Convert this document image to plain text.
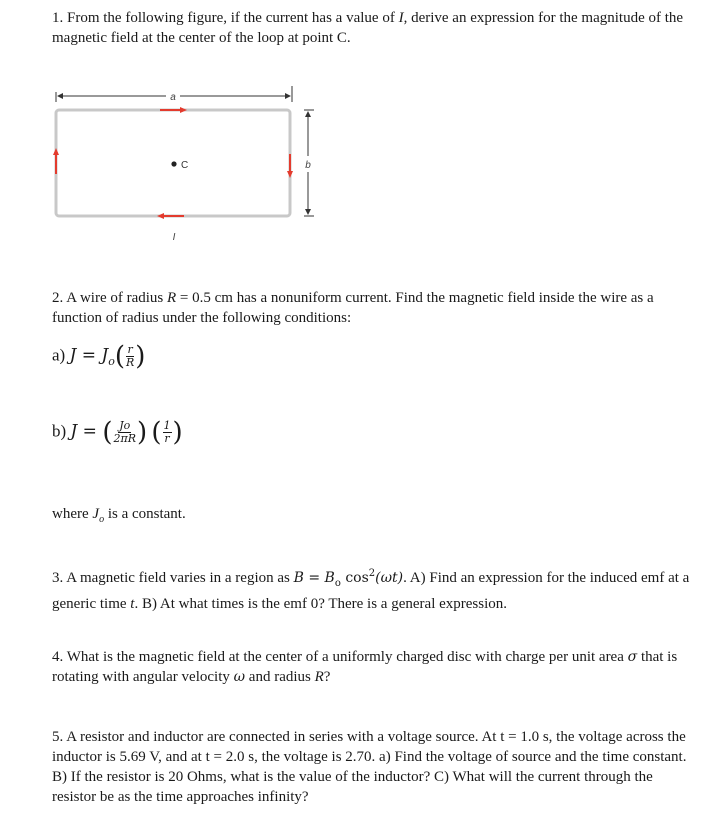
1. From the following figure, if the current has a value of I, derive an expression for the magnitude of the magnetic field at the center of the loop at point C.
a
C	b
I
2. A wire of radius R = 0.5 cm has a nonuniform current. Find the magnetic field inside the wire as a function of radius under the following conditions:
a) $J = J_o( \frac{r}{R}$ )
b) J = ( $\frac{Jo}{2\pi R}$ ) ( $\frac{1}{r}$ )
where $J_o$ is a constant.
3. A magnetic field varies in a region as $B = B_o$ $\cos^2(\omega t)$. A) Find an expression for the induced emf at a generic time t. B) At what times is the emf 0? There is a general expression.
4. What is the magnetic field at the center of a uniformly charged disc with charge per unit area σ that is rotating with angular velocity ω and radius R?
5. A resistor and inductor are connected in series with a voltage source. At t = 1.0 s, the voltage across the inductor is 5.69 V, and at t = 2.0 s, the voltage is 2.70. a) Find the voltage of source and the time constant. B) If the resistor is 20 Ohms, what is the value of the inductor? C) What will the current through the resistor be as the time approaches infinity?
